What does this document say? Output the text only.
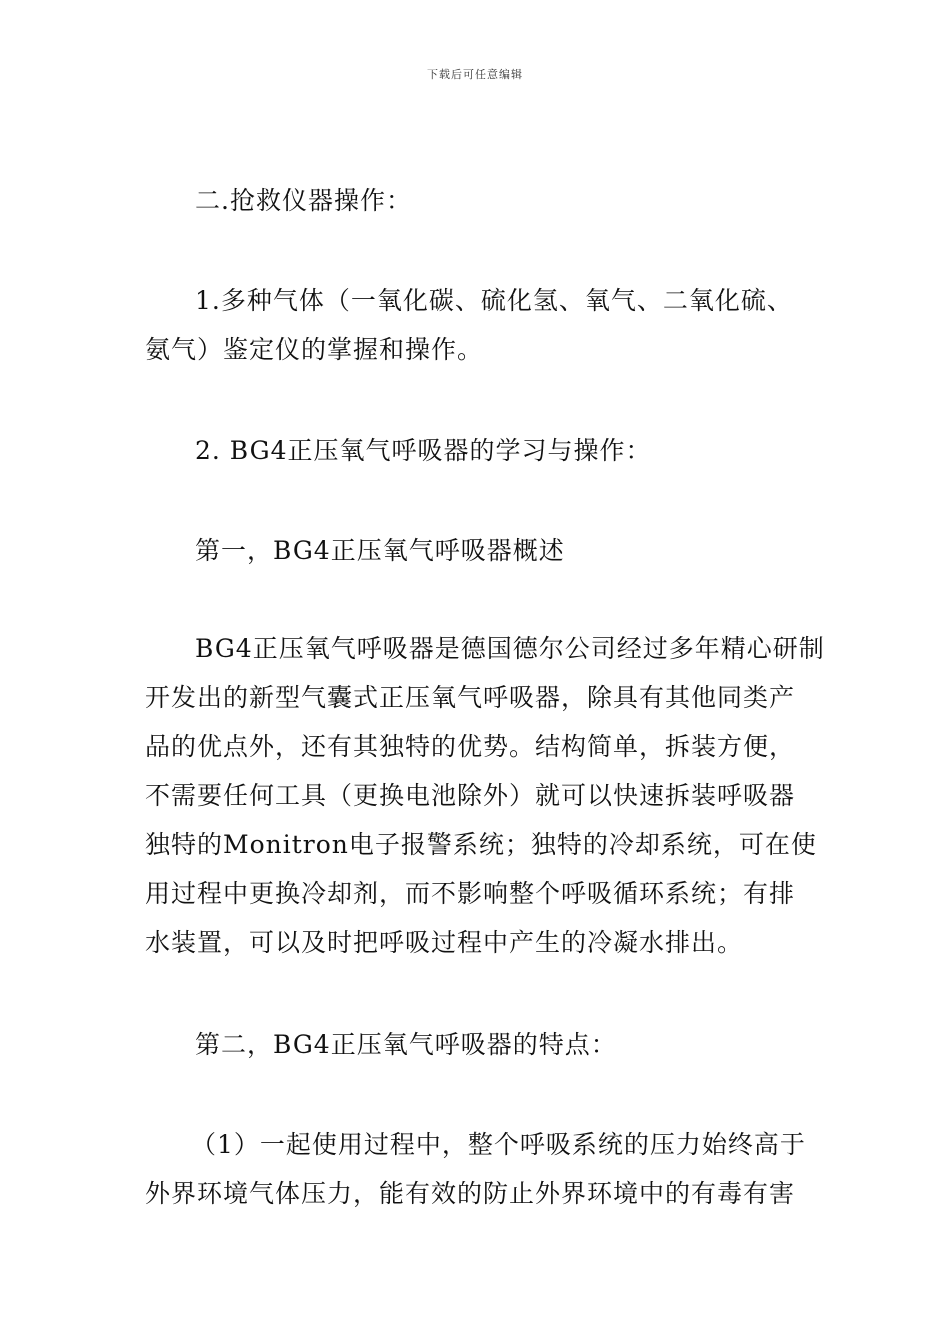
下载后可任意编辑
二.抢救仪器操作：
1.多种气体（一氧化碳、硫化氢、氧气、二氧化硫、
氨气）鉴定仪的掌握和操作。
2. BG4正压氧气呼吸器的学习与操作：
第一，BG4正压氧气呼吸器概述
BG4正压氧气呼吸器是德国德尔公司经过多年精心研制
开发出的新型气囊式正压氧气呼吸器，除具有其他同类产
品的优点外，还有其独特的优势。结构简单，拆装方便，
不需要任何工具（更换电池除外）就可以快速拆装呼吸器
独特的Monitron电子报警系统；独特的冷却系统，可在使
用过程中更换冷却剂，而不影响整个呼吸循环系统；有排
水装置，可以及时把呼吸过程中产生的冷凝水排出。
第二，BG4正压氧气呼吸器的特点：
（1）一起使用过程中，整个呼吸系统的压力始终高于
外界环境气体压力，能有效的防止外界环境中的有毒有害
